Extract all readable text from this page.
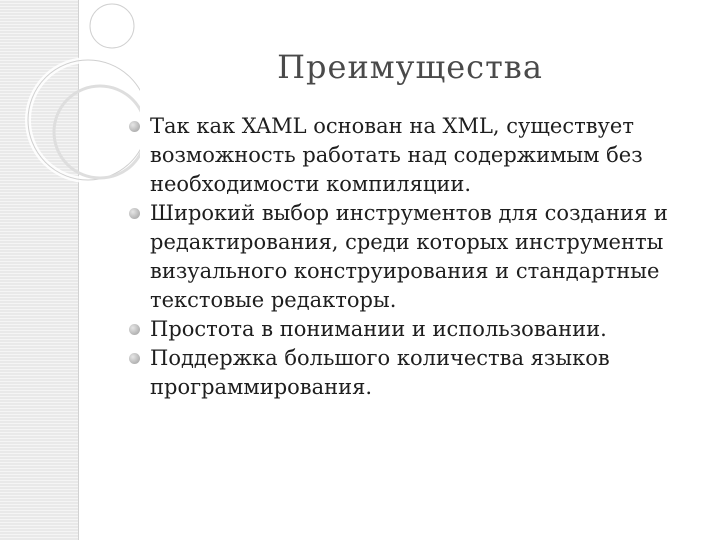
Преимущества
Так как XAML основан на XML, существует возможность работать над содержимым без необходимости компиляции.
Широкий выбор инструментов для создания и редактирования, среди которых инструменты визуального конструирования и стандартные текстовые редакторы.
Простота в понимании и использовании.
Поддержка большого количества языков программирования.
